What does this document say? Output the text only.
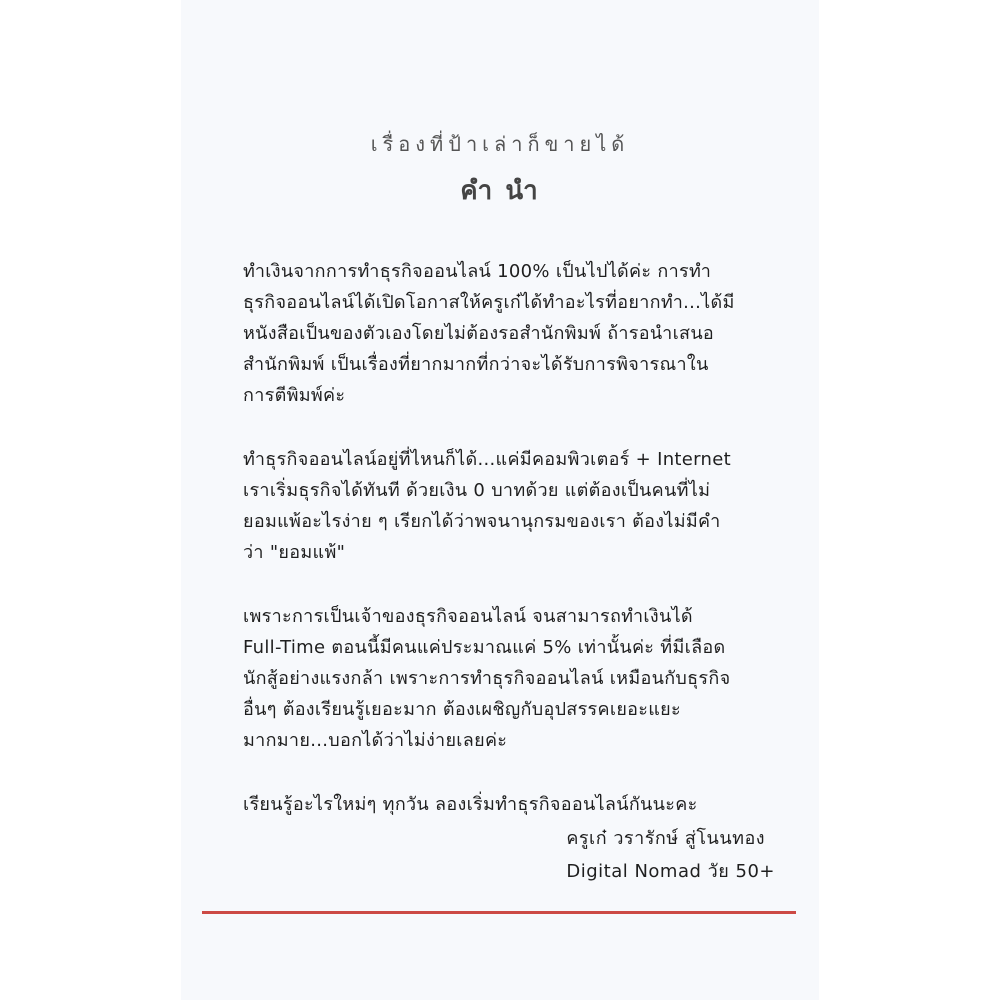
เรื่องที่ป้าเล่าก็ขายได้
คำ นำ
ทำเงินจากการทำธุรกิจออนไลน์ 100% เป็นไปได้ค่ะ การทำ
ธุรกิจออนไลน์ได้เปิดโอกาสให้ครูเก๋ได้ทำอะไรที่อยากทำ...ได้มี
หนังสือเป็นของตัวเองโดยไม่ต้องรอสำนักพิมพ์ ถ้ารอนำเสนอ
สำนักพิมพ์ เป็นเรื่องที่ยากมากที่กว่าจะได้รับการพิจารณาใน
การตีพิมพ์ค่ะ
ทำธุรกิจออนไลน์อยู่ที่ไหนก็ได้...แค่มีคอมพิวเตอร์ + Internet
เราเริ่มธุรกิจได้ทันที ด้วยเงิน 0 บาทด้วย แต่ต้องเป็นคนที่ไม่
ยอมแพ้อะไรง่าย ๆ เรียกได้ว่าพจนานุกรมของเรา ต้องไม่มีคำ
ว่า "ยอมแพ้"
เพราะการเป็นเจ้าของธุรกิจออนไลน์ จนสามารถทำเงินได้
Full-Time ตอนนี้มีคนแค่ประมาณแค่ 5% เท่านั้นค่ะ ที่มีเลือด
นักสู้อย่างแรงกล้า เพราะการทำธุรกิจออนไลน์ เหมือนกับธุรกิจ
อื่นๆ ต้องเรียนรู้เยอะมาก ต้องเผชิญกับอุปสรรคเยอะแยะ
มากมาย...บอกได้ว่าไม่ง่ายเลยค่ะ
เรียนรู้อะไรใหม่ๆ ทุกวัน ลองเริ่มทำธุรกิจออนไลน์กันนะคะ
ครูเก๋ วรารักษ์ สู่โนนทอง
Digital Nomad วัย 50+
